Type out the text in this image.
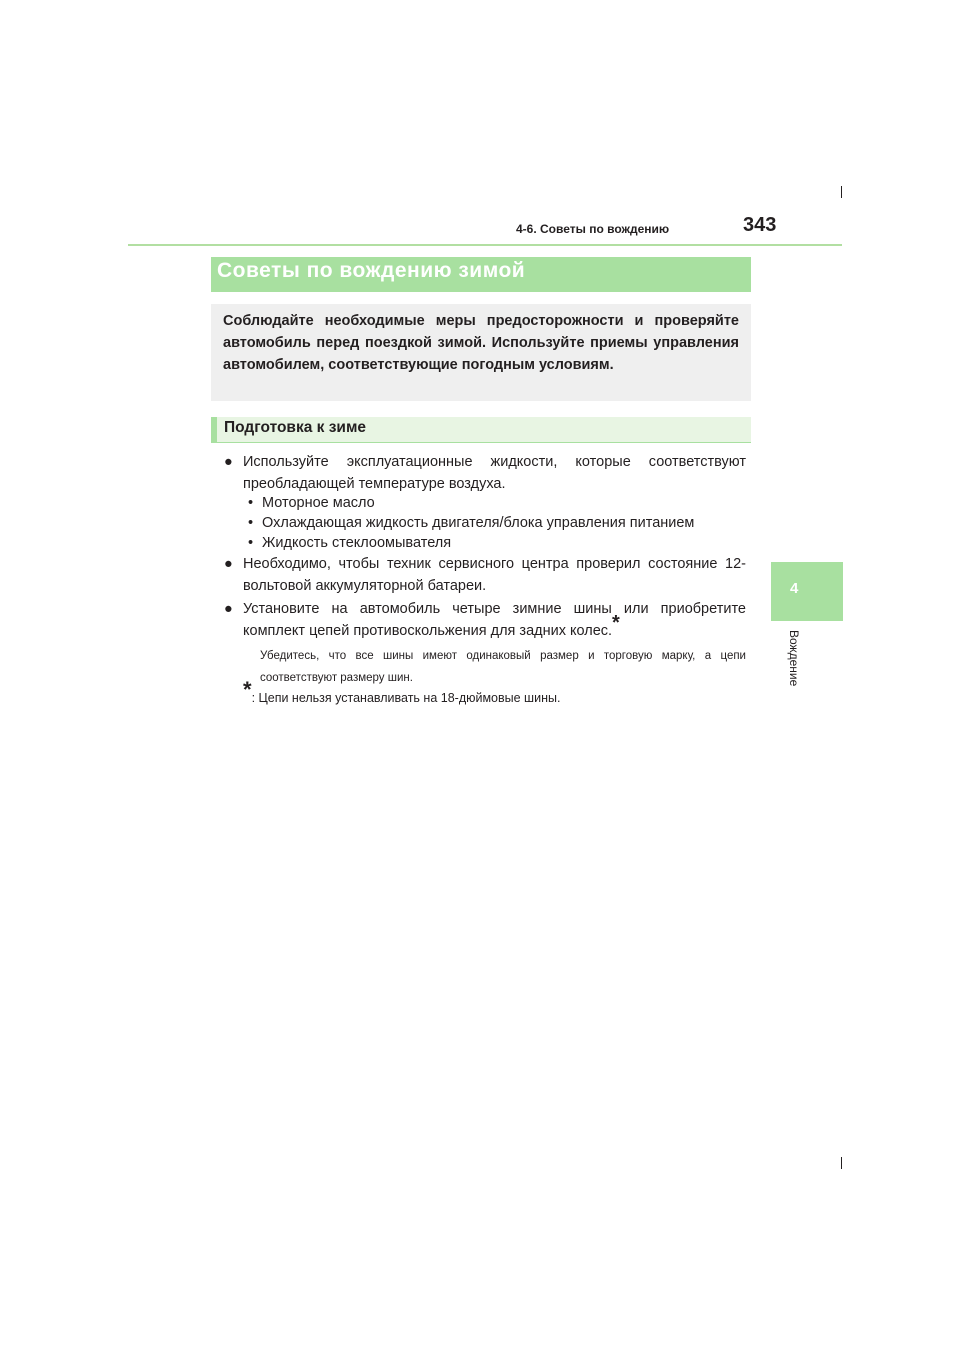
4-6. Советы по вождению	343
4
Вождение
Советы по вождению зимой

Соблюдайте необходимые меры предосторожности и проверяйте автомобиль перед поездкой зимой. Используйте приемы управления автомобилем, соответствующие погодным условиям.

Подготовка к зиме
● Используйте эксплуатационные жидкости, которые соответствуют преобладающей температуре воздуха.

• Моторное масло
• Охлаждающая жидкость двигателя/блока управления питанием
• Жидкость стеклоомывателя
● Необходимо, чтобы техник сервисного центра проверил состояние 12-вольтовой аккумуляторной батареи.

● Установите на автомобиль четыре зимние шины или приобретите комплект цепей противоскольжения для задних колес.*

Убедитесь, что все шины имеют одинаковый размер и торговую марку, а цепи соответствуют размеру шин.

*: Цепи нельзя устанавливать на 18-дюймовые шины.
